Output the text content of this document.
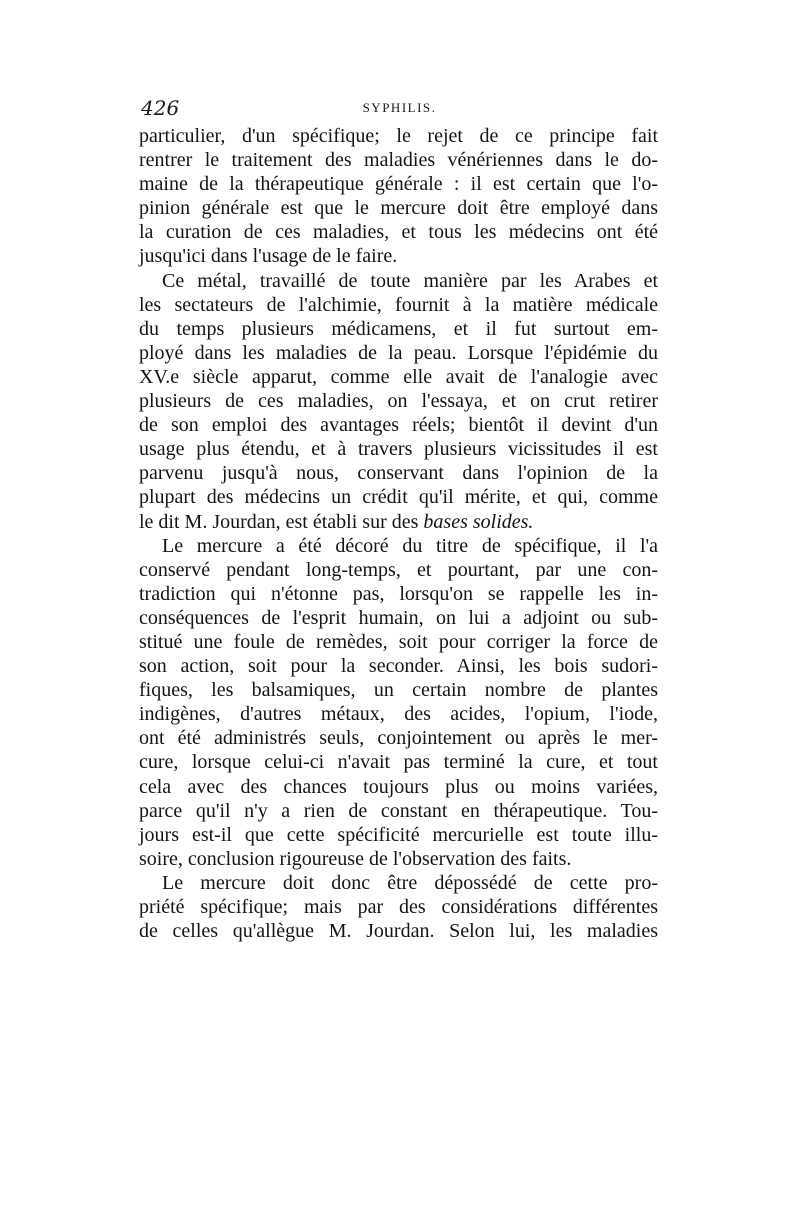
426	SYPHILIS.
particulier, d'un spécifique; le rejet de ce principe fait
rentrer le traitement des maladies vénériennes dans le do-
maine de la thérapeutique générale : il est certain que l'o-
pinion générale est que le mercure doit être employé dans
la curation de ces maladies, et tous les médecins ont été
jusqu'ici dans l'usage de le faire.
Ce métal, travaillé de toute manière par les Arabes et
les sectateurs de l'alchimie, fournit à la matière médicale
du temps plusieurs médicamens, et il fut surtout em-
ployé dans les maladies de la peau. Lorsque l'épidémie du
XV.e siècle apparut, comme elle avait de l'analogie avec
plusieurs de ces maladies, on l'essaya, et on crut retirer
de son emploi des avantages réels; bientôt il devint d'un
usage plus étendu, et à travers plusieurs vicissitudes il est
parvenu jusqu'à nous, conservant dans l'opinion de la
plupart des médecins un crédit qu'il mérite, et qui, comme
le dit M. Jourdan, est établi sur des bases solides.
Le mercure a été décoré du titre de spécifique, il l'a
conservé pendant long-temps, et pourtant, par une con-
tradiction qui n'étonne pas, lorsqu'on se rappelle les in-
conséquences de l'esprit humain, on lui a adjoint ou sub-
stitué une foule de remèdes, soit pour corriger la force de
son action, soit pour la seconder. Ainsi, les bois sudori-
fiques, les balsamiques, un certain nombre de plantes
indigènes, d'autres métaux, des acides, l'opium, l'iode,
ont été administrés seuls, conjointement ou après le mer-
cure, lorsque celui-ci n'avait pas terminé la cure, et tout
cela avec des chances toujours plus ou moins variées,
parce qu'il n'y a rien de constant en thérapeutique. Tou-
jours est-il que cette spécificité mercurielle est toute illu-
soire, conclusion rigoureuse de l'observation des faits.
Le mercure doit donc être dépossédé de cette pro-
priété spécifique; mais par des considérations différentes
de celles qu'allègue M. Jourdan. Selon lui, les maladies
